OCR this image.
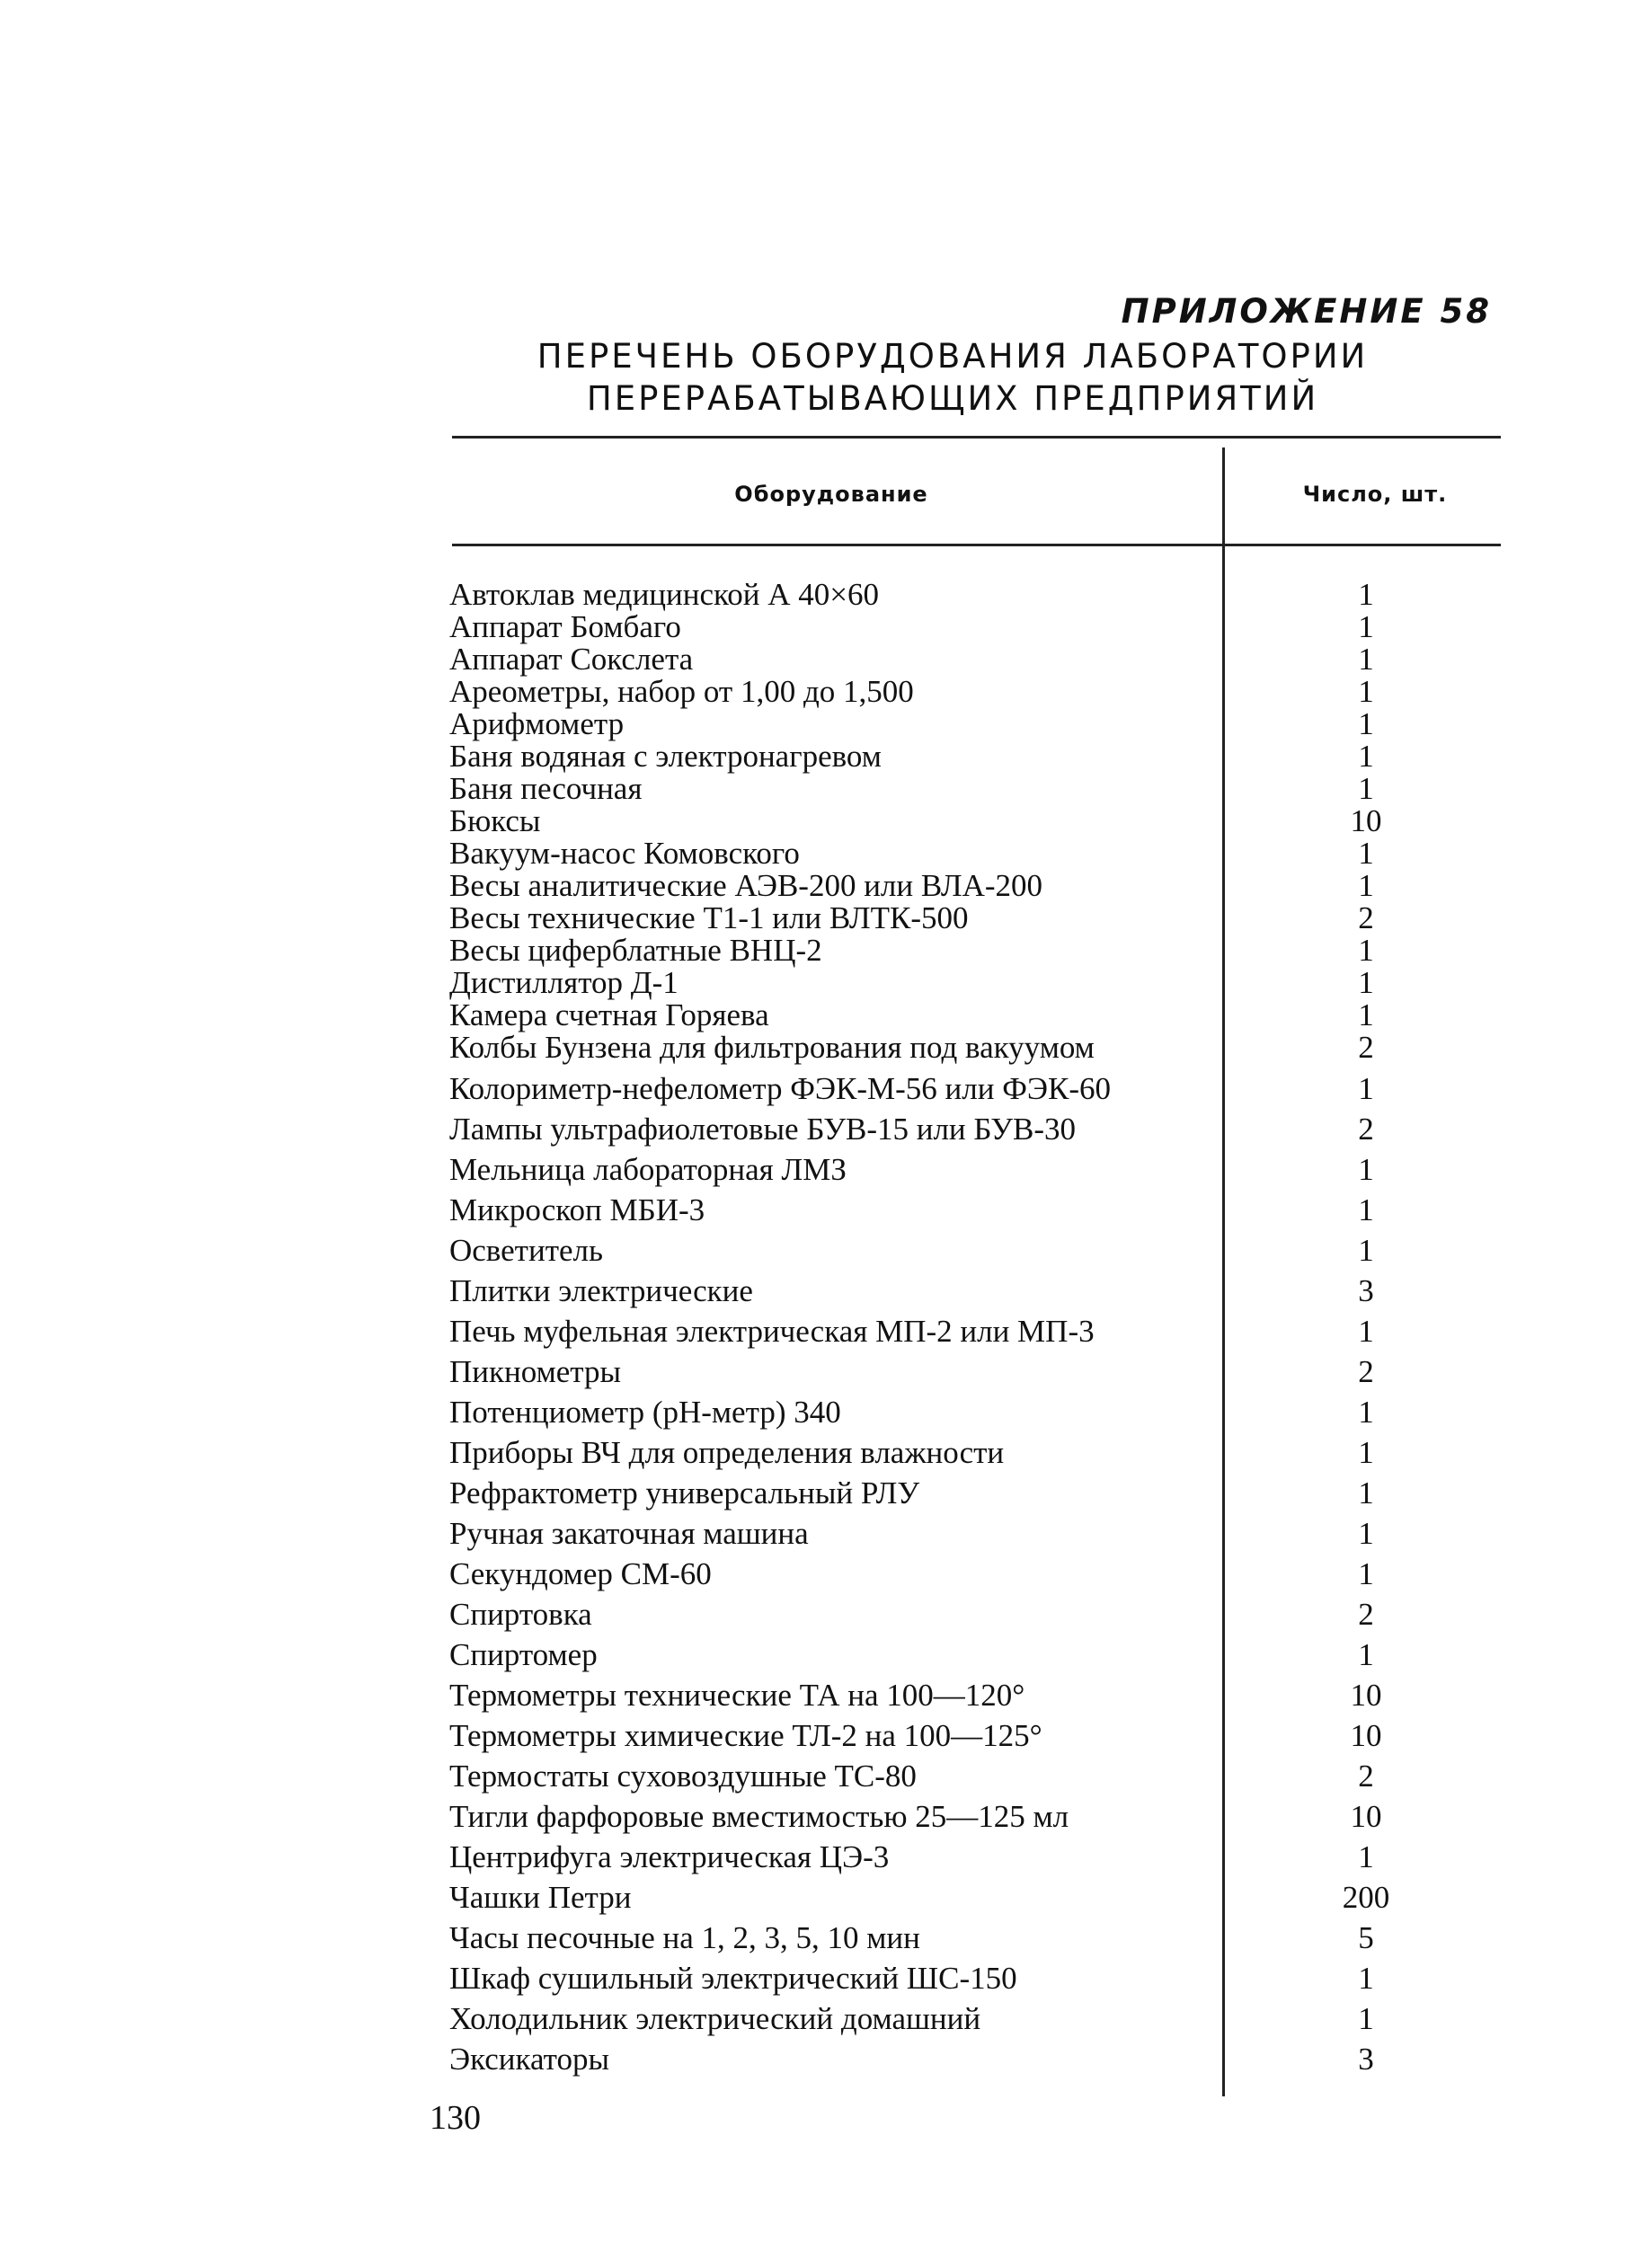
ПРИЛОЖЕНИЕ 58
ПЕРЕЧЕНЬ ОБОРУДОВАНИЯ ЛАБОРАТОРИИ
ПЕРЕРАБАТЫВАЮЩИХ ПРЕДПРИЯТИЙ
Оборудование	Число, шт.
Автоклав медицинской А 40×60	1
Аппарат Бомбаго	1
Аппарат Сокслета	1
Ареометры, набор от 1,00 до 1,500	1
Арифмометр	1
Баня водяная с электронагревом	1
Баня песочная	1
Бюксы	10
Вакуум-насос Комовского	1
Весы аналитические АЭВ-200 или ВЛА-200	1
Весы технические Т1-1 или ВЛТК-500	2
Весы циферблатные ВНЦ-2	1
Дистиллятор Д-1	1
Камера счетная Горяева	1
Колбы Бунзена для фильтрования под вакуумом	2
Колориметр-нефелометр ФЭК-М-56 или ФЭК-60	1
Лампы ультрафиолетовые БУВ-15 или БУВ-30	2
Мельница лабораторная ЛМЗ	1
Микроскоп МБИ-3	1
Осветитель	1
Плитки электрические	3
Печь муфельная электрическая МП-2 или МП-3	1
Пикнометры	2
Потенциометр (рН-метр) 340	1
Приборы ВЧ для определения влажности	1
Рефрактометр универсальный РЛУ	1
Ручная закаточная машина	1
Секундомер СМ-60	1
Спиртовка	2
Спиртомер	1
Термометры технические ТА на 100—120°	10
Термометры химические ТЛ-2 на 100—125°	10
Термостаты суховоздушные ТС-80	2
Тигли фарфоровые вместимостью 25—125 мл	10
Центрифуга электрическая ЦЭ-3	1
Чашки Петри	200
Часы песочные на 1, 2, 3, 5, 10 мин	5
Шкаф сушильный электрический ШС-150	1
Холодильник электрический домашний	1
Эксикаторы	3
130
